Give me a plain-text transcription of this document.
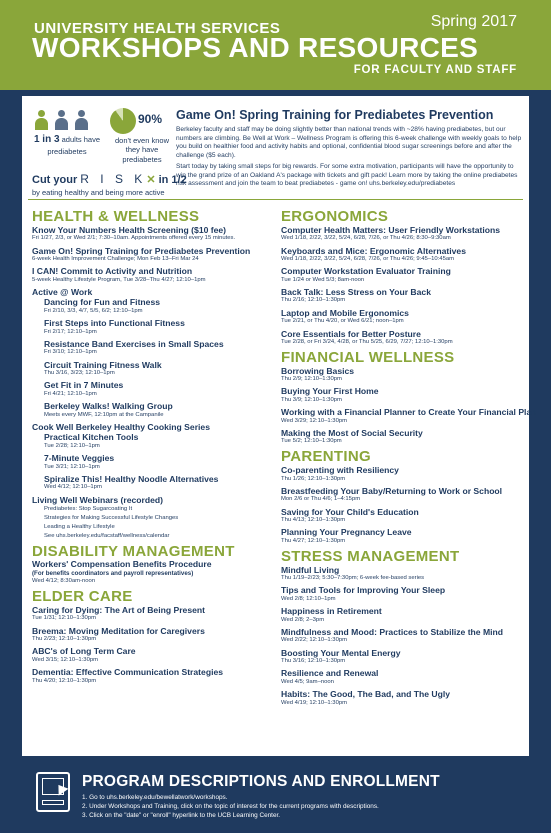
UNIVERSITY HEALTH SERVICES	Spring 2017
WORKSHOPS AND RESOURCES
FOR FACULTY AND STAFF
1 in 3 adults have prediabetes
90%
don't even know they have prediabetes
Cut your R I S K✕ in 1/2
by eating healthy and being more active
Game On! Spring Training for Prediabetes Prevention
Berkeley faculty and staff may be doing slightly better than national trends with ~28% having prediabetes, but our numbers are climbing. Be Well at Work – Wellness Program is offering this 6-week challenge with weekly goals to help you build on healthier food and activity habits and optional, confidential blood sugar screenings before and after the challenge ($5 each).
Start today by taking small steps for big rewards. For some extra motivation, participants will have the opportunity to win the grand prize of an Oakland A's package with tickets and gift pack! Learn more by taking the online prediabetes risk assessment and join the team to beat prediabetes - game on! uhs.berkeley.edu/prediabetes
HEALTH & WELLNESS
Know Your Numbers Health Screening ($10 fee)
Fri 1/27, 2/3, or Wed 2/1; 7:30–10am. Appointments offered every 15 minutes.
Game On! Spring Training for Prediabetes Prevention
6-week Health Improvement Challenge; Mon Feb 13–Fri Mar 24
I CAN! Commit to Activity and Nutrition
5-week Healthy Lifestyle Program, Tue 3/28–Thu 4/27; 12:10–1pm
Active @ Work
Dancing for Fun and Fitness
Fri 2/10, 3/3, 4/7, 5/5, 6/2; 12:10–1pm
First Steps into Functional Fitness
Fri 2/17; 12:10–1pm
Resistance Band Exercises in Small Spaces
Fri 3/10; 12:10–1pm
Circuit Training Fitness Walk
Thu 3/16, 3/23; 12:10–1pm
Get Fit in 7 Minutes
Fri 4/21; 12:10–1pm
Berkeley Walks! Walking Group
Meets every MWF, 12:10pm at the Campanile
Cook Well Berkeley Healthy Cooking Series
Practical Kitchen Tools
Tue 2/28; 12:10–1pm
7-Minute Veggies
Tue 3/21; 12:10–1pm
Spiralize This! Healthy Noodle Alternatives
Wed 4/12; 12:10–1pm
Living Well Webinars (recorded)
Prediabetes: Stop Sugarcoating It
Strategies for Making Successful Lifestyle Changes
Leading a Healthy Lifestyle
See uhs.berkeley.edu/facstaff/wellness/calendar
DISABILITY MANAGEMENT
Workers' Compensation Benefits Procedure
(For benefits coordinators and payroll representatives)
Wed 4/12; 8:30am-noon
ELDER CARE
Caring for Dying: The Art of Being Present
Tue 1/31; 12:10–1:30pm
Breema: Moving Meditation for Caregivers
Thu 2/23; 12:10–1:30pm
ABC's of Long Term Care
Wed 3/15; 12:10–1:30pm
Dementia: Effective Communication Strategies
Thu 4/20; 12:10–1:30pm
ERGONOMICS
Computer Health Matters: User Friendly Workstations
Wed 1/18, 2/22, 3/22, 5/24, 6/28, 7/26, or Thu 4/26; 8:30–9:30am
Keyboards and Mice: Ergonomic Alternatives
Wed 1/18, 2/22, 3/22, 5/24, 6/28, 7/26, or Thu 4/26; 9:45–10:45am
Computer Workstation Evaluator Training
Tue 1/24 or Wed 5/3; 8am-noon
Back Talk: Less Stress on Your Back
Thu 2/16; 12:10–1:30pm
Laptop and Mobile Ergonomics
Tue 2/21, or Thu 4/20, or Wed 6/21; noon–1pm
Core Essentials for Better Posture
Tue 2/28, or Fri 3/24, 4/28, or Thu 5/25, 6/29, 7/27; 12:10–1:30pm
FINANCIAL WELLNESS
Borrowing Basics
Thu 2/9; 12:10–1:30pm
Buying Your First Home
Thu 3/9; 12:10–1:30pm
Working with a Financial Planner to Create Your Financial Plan
Wed 3/29; 12:10–1:30pm
Making the Most of Social Security
Tue 5/2; 12:10–1:30pm
PARENTING
Co-parenting with Resiliency
Thu 1/26; 12:10–1:30pm
Breastfeeding Your Baby/Returning to Work or School
Mon 2/6 or Thu 4/6; 1–4:15pm
Saving for Your Child's Education
Thu 4/13; 12:10–1:30pm
Planning Your Pregnancy Leave
Thu 4/27; 12:10–1:30pm
STRESS MANAGEMENT
Mindful Living
Thu 1/19–2/23; 5:30–7:30pm; 6-week fee-based series
Tips and Tools for Improving Your Sleep
Wed 2/8; 12:10–1pm
Happiness in Retirement
Wed 2/8; 2–3pm
Mindfulness and Mood: Practices to Stabilize the Mind
Wed 2/22; 12:10–1:30pm
Boosting Your Mental Energy
Thu 3/16; 12:10–1:30pm
Resilience and Renewal
Wed 4/5; 9am–noon
Habits: The Good, The Bad, and The Ugly
Wed 4/19; 12:10–1:30pm
PROGRAM DESCRIPTIONS AND ENROLLMENT
1. Go to uhs.berkeley.edu/bewellatwork/workshops.
2. Under Workshops and Training, click on the topic of interest for the current programs with descriptions.
3. Click on the "date" or "enroll" hyperlink to the UCB Learning Center.
